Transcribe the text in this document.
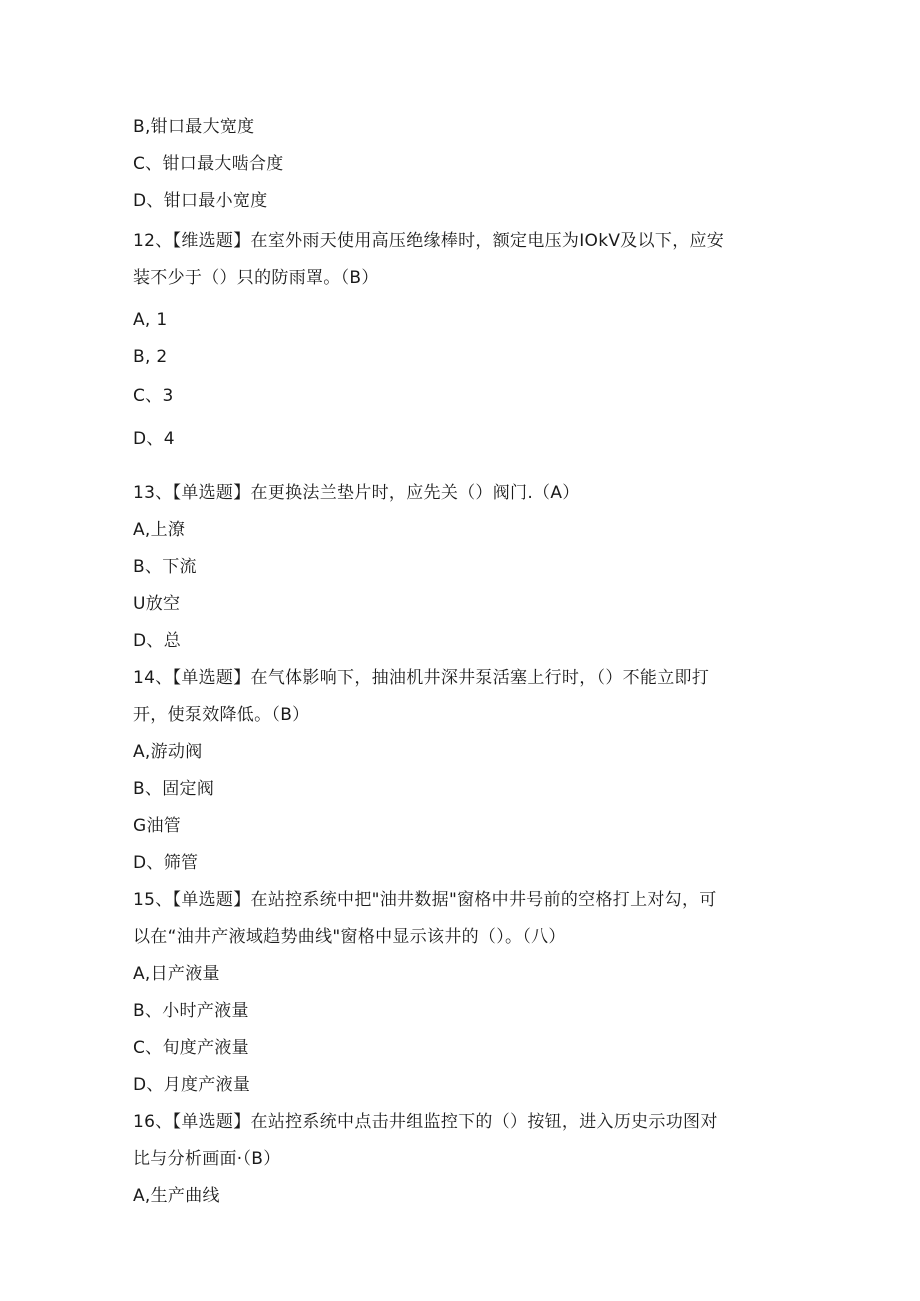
B,钳口最大宽度
C、钳口最大啮合度
D、钳口最小宽度
12、【维选题】在室外雨天使用高压绝缘棒时，额定电压为IOkV及以下，应安
装不少于（）只的防雨罩。（B）
A, 1
B, 2
C、3
D、4
13、【单选题】在更换法兰垫片时，应先关（）阀门.（A）
A,上潦
B、下流
U放空
D、总
14、【单选题】在气体影响下，抽油机井深井泵活塞上行时，（）不能立即打
开，使泵效降低。（B）
A,游动阀
B、固定阀
G油管
D、筛管
15、【单选题】在站控系统中把"油井数据"窗格中井号前的空格打上对勾，可
以在“油井产液域趋势曲线"窗格中显示该井的（）。（八）
A,日产液量
B、小时产液量
C、旬度产液量
D、月度产液量
16、【单选题】在站控系统中点击井组监控下的（）按钮，进入历史示功图对
比与分析画面·（B）
A,生产曲线
